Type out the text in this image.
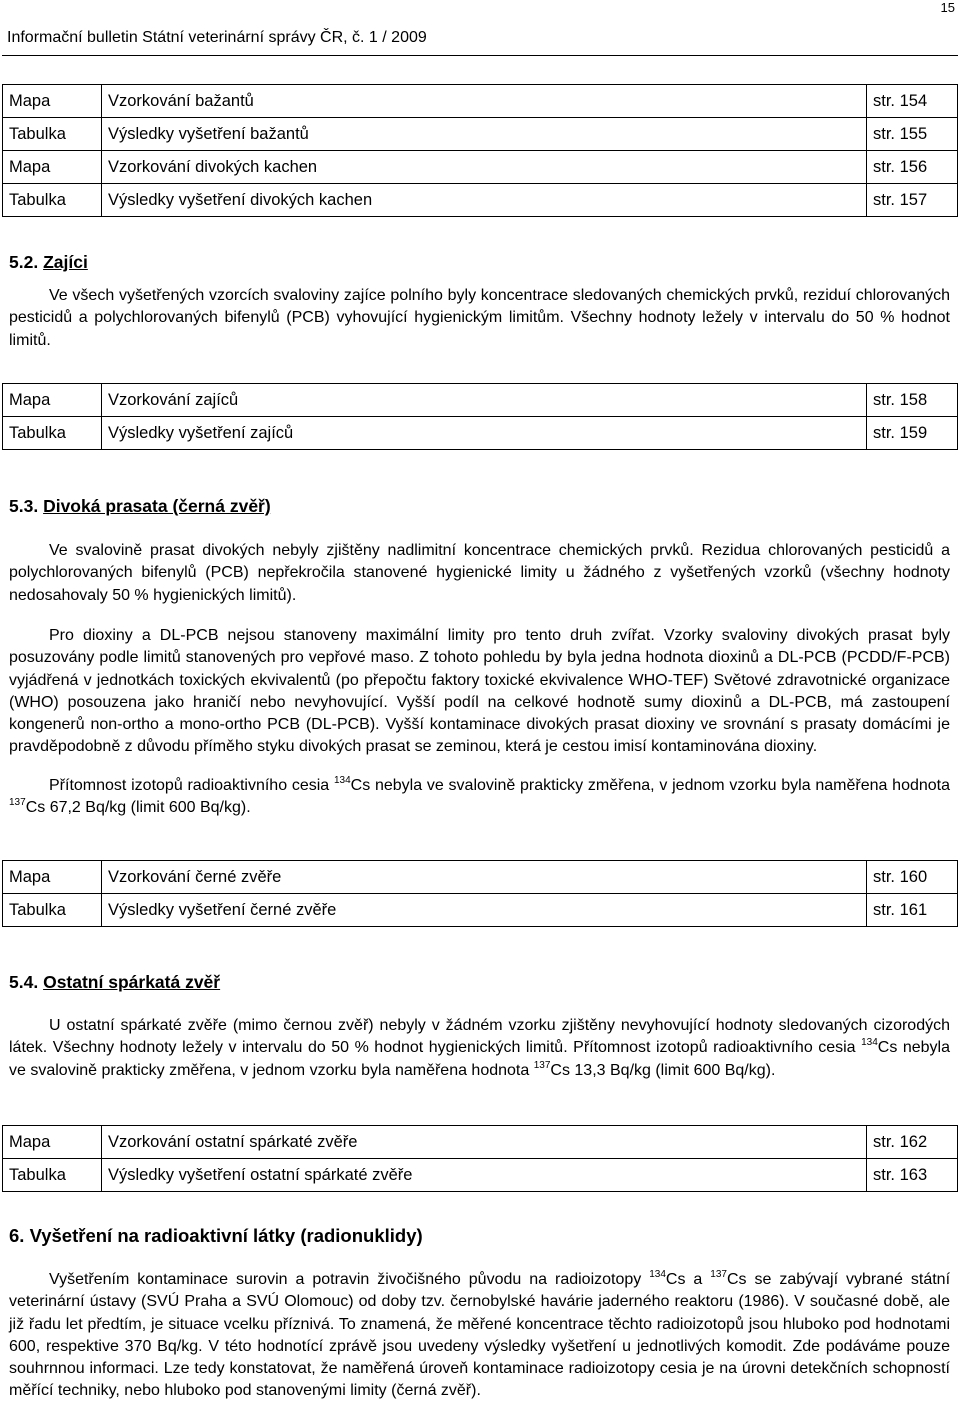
15
Informační bulletin Státní veterinární správy ČR, č. 1 / 2009
Mapa	Vzorkování bažantů	str. 154
Tabulka	Výsledky vyšetření bažantů	str. 155
Mapa	Vzorkování divokých kachen	str. 156
Tabulka	Výsledky vyšetření divokých kachen	str. 157
5.2. Zajíci

Ve všech vyšetřených vzorcích svaloviny zajíce polního byly koncentrace sledovaných chemických prvků, reziduí chlorovaných pesticidů a polychlorovaných bifenylů (PCB) vyhovující hygienickým limitům. Všechny hodnoty ležely v intervalu do 50 % hodnot limitů.

Mapa	Vzorkování zajíců	str. 158
Tabulka	Výsledky vyšetření zajíců	str. 159
5.3. Divoká prasata (černá zvěř)

Ve svalovině prasat divokých nebyly zjištěny nadlimitní koncentrace chemických prvků. Rezidua chlorovaných pesticidů a polychlorovaných bifenylů (PCB) nepřekročila stanovené hygienické limity u žádného z vyšetřených vzorků (všechny hodnoty nedosahovaly 50 % hygienických limitů).

Pro dioxiny a DL-PCB nejsou stanoveny maximální limity pro tento druh zvířat. Vzorky svaloviny divokých prasat byly posuzovány podle limitů stanovených pro vepřové maso. Z tohoto pohledu by byla jedna hodnota dioxinů a DL-PCB (PCDD/F-PCB) vyjádřená v jednotkách toxických ekvivalentů (po přepočtu faktory toxické ekvivalence WHO-TEF) Světové zdravotnické organizace (WHO) posouzena jako hraničí nebo nevyhovující. Vyšší podíl na celkové hodnotě sumy dioxinů a DL-PCB, má zastoupení kongenerů non-ortho a mono-ortho PCB (DL-PCB). Vyšší kontaminace divokých prasat dioxiny ve srovnání s prasaty domácími je pravděpodobně z důvodu příměho styku divokých prasat se zeminou, která je cestou imisí kontaminována dioxiny.

Přítomnost izotopů radioaktivního cesia $^{134}$Cs nebyla ve svalovině prakticky změřena, v jednom vzorku byla naměřena hodnota $^{137}$Cs 67,2 Bq/kg (limit 600 Bq/kg).

Mapa	Vzorkování černé zvěře	str. 160
Tabulka	Výsledky vyšetření černé zvěře	str. 161
5.4. Ostatní spárkatá zvěř

U ostatní spárkaté zvěře (mimo černou zvěř) nebyly v žádném vzorku zjištěny nevyhovující hodnoty sledovaných cizorodých látek. Všechny hodnoty ležely v intervalu do 50 % hodnot hygienických limitů. Přítomnost izotopů radioaktivního cesia $^{134}$Cs nebyla ve svalovině prakticky změřena, v jednom vzorku byla naměřena hodnota $^{137}$Cs 13,3 Bq/kg (limit 600 Bq/kg).

Mapa	Vzorkování ostatní spárkaté zvěře	str. 162
Tabulka	Výsledky vyšetření ostatní spárkaté zvěře	str. 163
6. Vyšetření na radioaktivní látky (radionuklidy)

Vyšetřením kontaminace surovin a potravin živočišného původu na radioizotopy $^{134}$Cs a $^{137}$Cs se zabývají vybrané státní veterinární ústavy (SVÚ Praha a SVÚ Olomouc) od doby tzv. černobylské havárie jaderného reaktoru (1986). V současné době, ale již řadu let předtím, je situace vcelku příznivá. To znamená, že měřené koncentrace těchto radioizotopů jsou hluboko pod hodnotami 600, respektive 370 Bq/kg. V této hodnotící zprávě jsou uvedeny výsledky vyšetření u jednotlivých komodit. Zde podáváme pouze souhrnnou informaci. Lze tedy konstatovat, že naměřená úroveň kontaminace radioizotopy cesia je na úrovni detekčních schopností měřící techniky, nebo hluboko pod stanovenými limity (černá zvěř).
